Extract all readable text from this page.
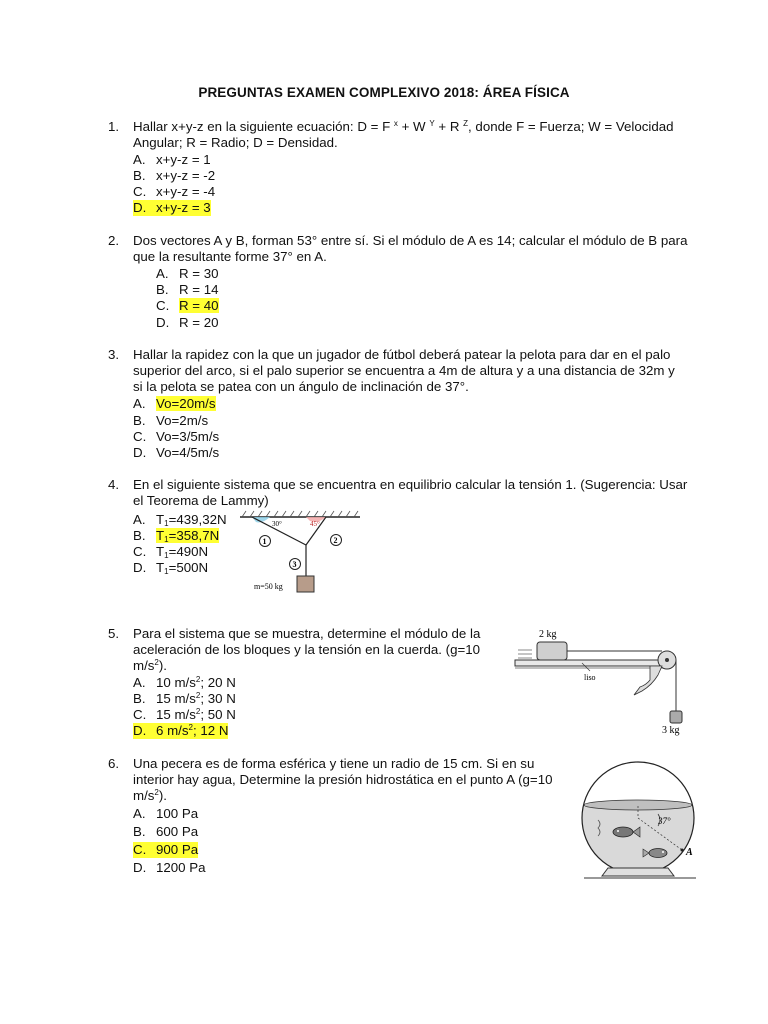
PREGUNTAS EXAMEN COMPLEXIVO 2018: ÁREA FÍSICA
1.	Hallar x+y-z en la siguiente ecuación: D = F $^x$ + W $^Y$ + R $^Z$, donde F = Fuerza; W = Velocidad
Angular; R = Radio; D = Densidad.
A. x+y-z = 1
B. x+y-z = -2
C. x+y-z = -4
D. x+y-z = 3
2.	Dos vectores A y B, forman 53° entre sí. Si el módulo de A es 14; calcular el módulo de B para
que la resultante forme 37° en A.
A. R = 30
B. R = 14
C. R = 40
D. R = 20
3.	Hallar la rapidez con la que un jugador de fútbol deberá patear la pelota para dar en el palo
superior del arco, si el palo superior se encuentra a 4m de altura y a una distancia de 32m y
si la pelota se patea con un ángulo de inclinación de 37°.
A. Vo=20m/s
B. Vo=2m/s
C. Vo=3/5m/s
D. Vo=4/5m/s
4.	En el siguiente sistema que se encuentra en equilibrio calcular la tensión 1. (Sugerencia: Usar
el Teorema de Lammy)
A. $T_1=439,32N$
B. $T_1=358,7N$
C. $T_1=490N$
D. $T_1=500N$
30°	45°
1	2
3
m=50 kg
5.	Para el sistema que se muestra, determine el módulo de la
aceleración de los bloques y la tensión en la cuerda. (g=10
$m/s^2$).
A. 10 $m/s^2$; 20 N
B. 15 $m/s^2$; 30 N
C. 15 $m/s^2$; 50 N
D. 6 $m/s^2$; 12 N
2 kg
liso
3 kg
6.	Una pecera es de forma esférica y tiene un radio de 15 cm. Si en su
interior hay agua, Determine la presión hidrostática en el punto A (g=10
$m/s^2$).
A. 100 Pa
B. 600 Pa
C. 900 Pa
D. 1200 Pa
37°
A
